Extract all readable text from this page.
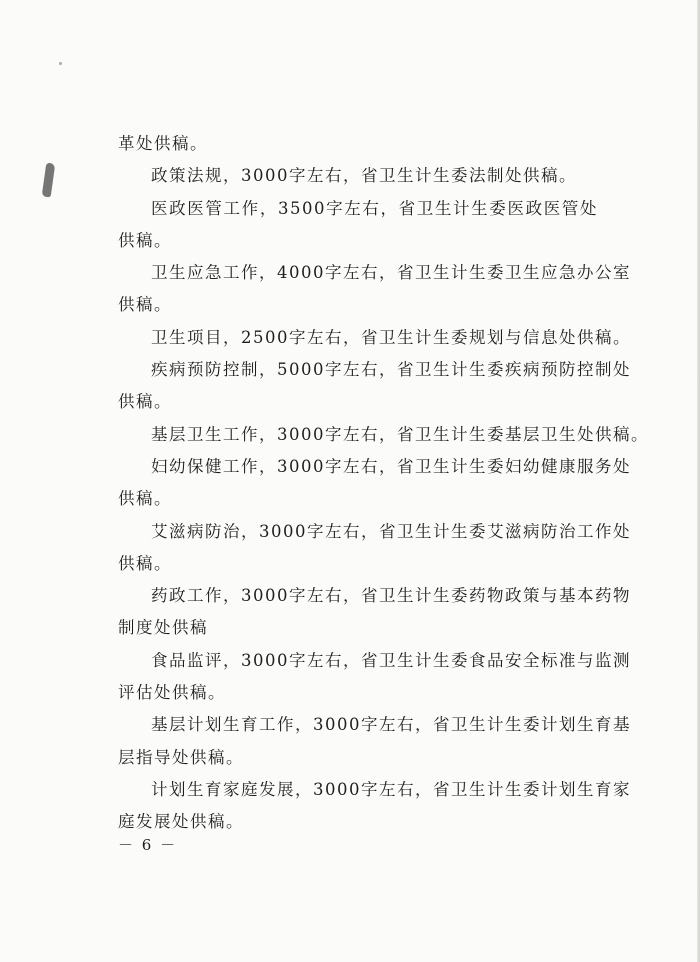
革处供稿。
政策法规，3000字左右，省卫生计生委法制处供稿。
医政医管工作，3500字左右，省卫生计生委医政医管处
供稿。
卫生应急工作，4000字左右，省卫生计生委卫生应急办公室
供稿。
卫生项目，2500字左右，省卫生计生委规划与信息处供稿。
疾病预防控制，5000字左右，省卫生计生委疾病预防控制处
供稿。
基层卫生工作，3000字左右，省卫生计生委基层卫生处供稿。
妇幼保健工作，3000字左右，省卫生计生委妇幼健康服务处
供稿。
艾滋病防治，3000字左右，省卫生计生委艾滋病防治工作处
供稿。
药政工作，3000字左右，省卫生计生委药物政策与基本药物
制度处供稿
食品监评，3000字左右，省卫生计生委食品安全标准与监测
评估处供稿。
基层计划生育工作，3000字左右，省卫生计生委计划生育基
层指导处供稿。
计划生育家庭发展，3000字左右，省卫生计生委计划生育家
庭发展处供稿。
－ 6 －
